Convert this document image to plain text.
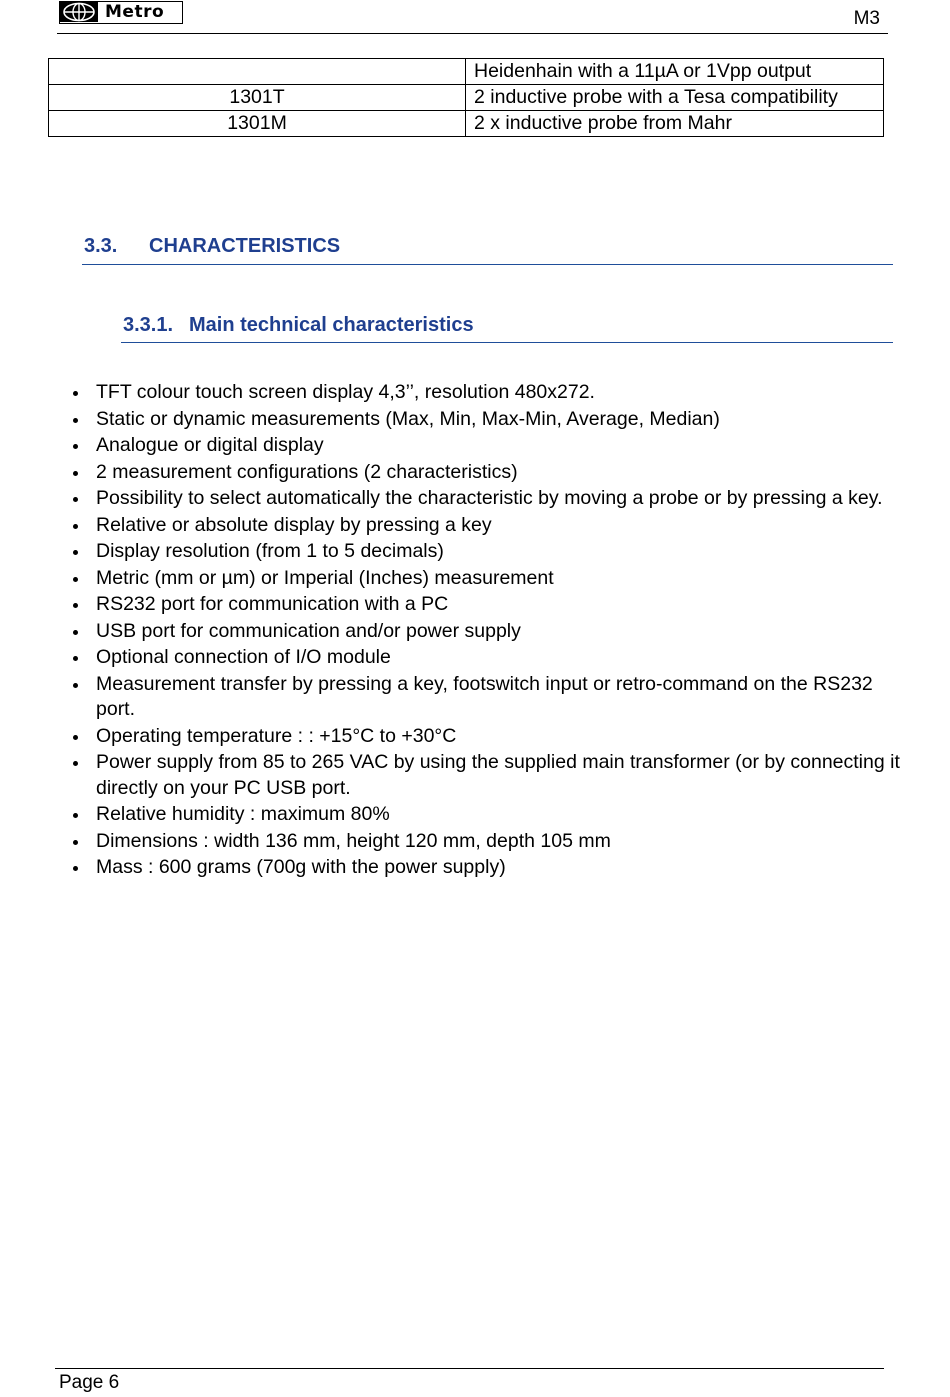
Metro	M3
	Heidenhain with a 11µA or 1Vpp output
1301T	2 inductive probe with a Tesa compatibility
1301M	2 x inductive probe from Mahr
3.3. CHARACTERISTICS
3.3.1. Main technical characteristics
TFT colour touch screen display 4,3’’, resolution 480x272.
Static or dynamic measurements (Max, Min, Max-Min, Average, Median)
Analogue or digital display
2 measurement configurations (2 characteristics)
Possibility to select automatically the characteristic by moving a probe or by pressing a key.
Relative or absolute display by pressing a key
Display resolution (from 1 to 5 decimals)
Metric (mm or µm) or Imperial (Inches) measurement
RS232 port for communication with a PC
USB port for communication and/or power supply
Optional connection of I/O module
Measurement transfer by pressing a key, footswitch input or retro-command on the RS232 port.
Operating temperature : : +15°C to +30°C
Power supply from 85 to 265 VAC by using the supplied main transformer (or by connecting it directly on your PC USB port.
Relative humidity : maximum 80%
Dimensions : width 136 mm, height 120 mm, depth 105 mm
Mass : 600 grams (700g with the power supply)
Page 6
